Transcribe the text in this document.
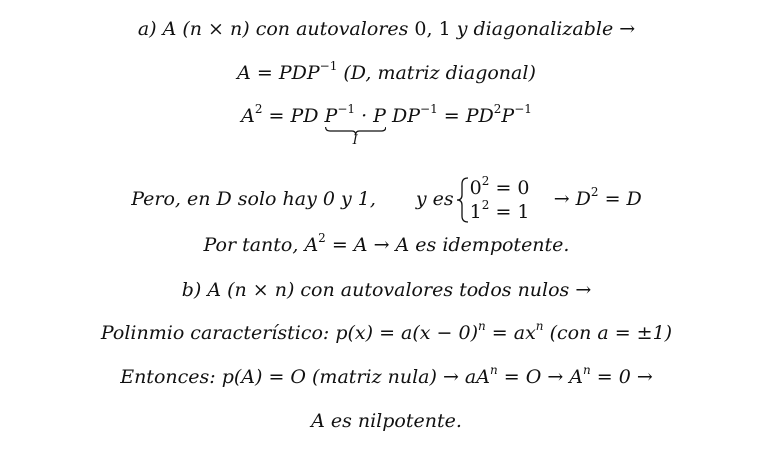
a) A (n × n) con autovalores 0, 1 y diagonalizable →
$A = PDP^{-1}$ (D, matriz diagonal)
$A^2$ = PD $P^{-1} \cdot P$
I
$DP^{-1} = PD^2P^{-1}$
Pero, en D solo hay 0 y 1, y es $0^2 = 0$
$1^2 = 1$
→ $D^2 = D$
Por tanto, $A^2 = A \to A$ es idempotente.
b) A (n × n) con autovalores todos nulos →
Polinmio característico: $p(x) = a(x - 0)^n = ax^n$ (con a = ±1)
Entonces: p(A) = O (matriz nula) → $aA^n = O \to A^n = 0$ →
A es nilpotente.
